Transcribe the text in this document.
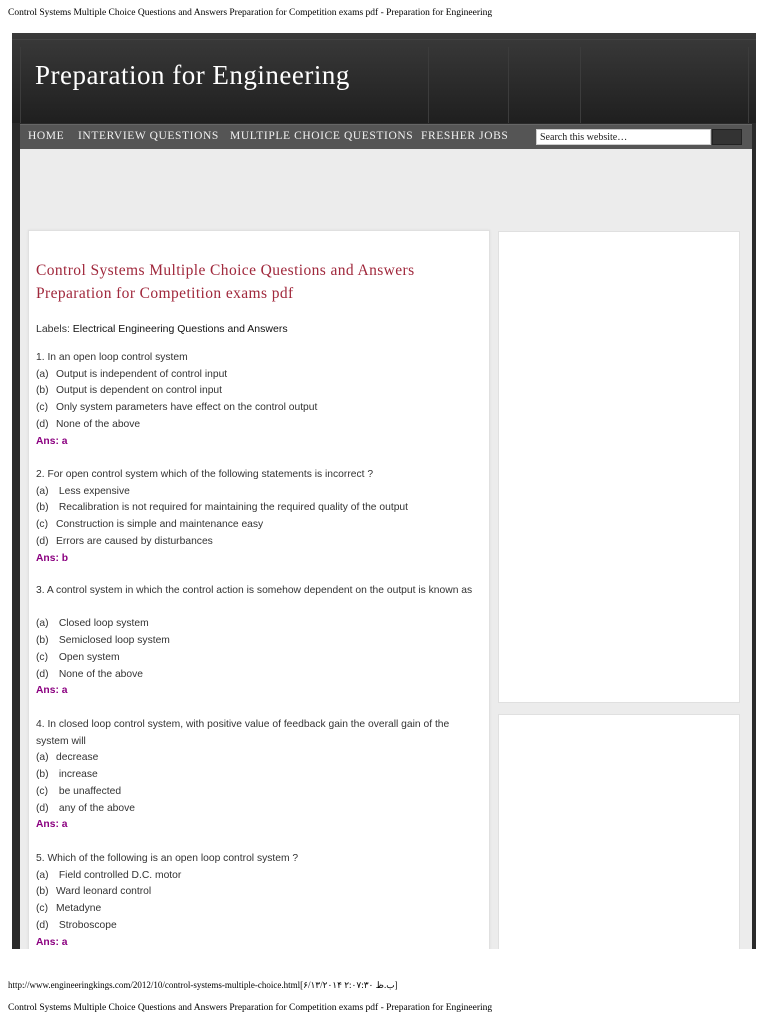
Control Systems Multiple Choice Questions and Answers Preparation for Competition exams pdf - Preparation for Engineering
Preparation for Engineering
HOME INTERVIEW QUESTIONS MULTIPLE CHOICE QUESTIONS FRESHER JOBS
Search this website…
Control Systems Multiple Choice Questions and Answers Preparation for Competition exams pdf
Labels: Electrical Engineering Questions and Answers
1. In an open loop control system
(a) Output is independent of control input
(b) Output is dependent on control input
(c) Only system parameters have effect on the control output
(d) None of the above
Ans: a
2. For open control system which of the following statements is incorrect ?
(a) Less expensive
(b) Recalibration is not required for maintaining the required quality of the output
(c) Construction is simple and maintenance easy
(d) Errors are caused by disturbances
Ans: b
3. A control system in which the control action is somehow dependent on the output is known as
(a) Closed loop system
(b) Semiclosed loop system
(c) Open system
(d) None of the above
Ans: a
4. In closed loop control system, with positive value of feedback gain the overall gain of the system will
(a) decrease
(b) increase
(c) be unaffected
(d) any of the above
Ans: a
5. Which of the following is an open loop control system ?
(a) Field controlled D.C. motor
(b) Ward leonard control
(c) Metadyne
(d) Stroboscope
Ans: a
http://www.engineeringkings.com/2012/10/control-systems-multiple-choice.html[۶/۱۳/۲۰۱۴ ۲:۰۷:۳۰ ب.ظ]
Control Systems Multiple Choice Questions and Answers Preparation for Competition exams pdf - Preparation for Engineering
